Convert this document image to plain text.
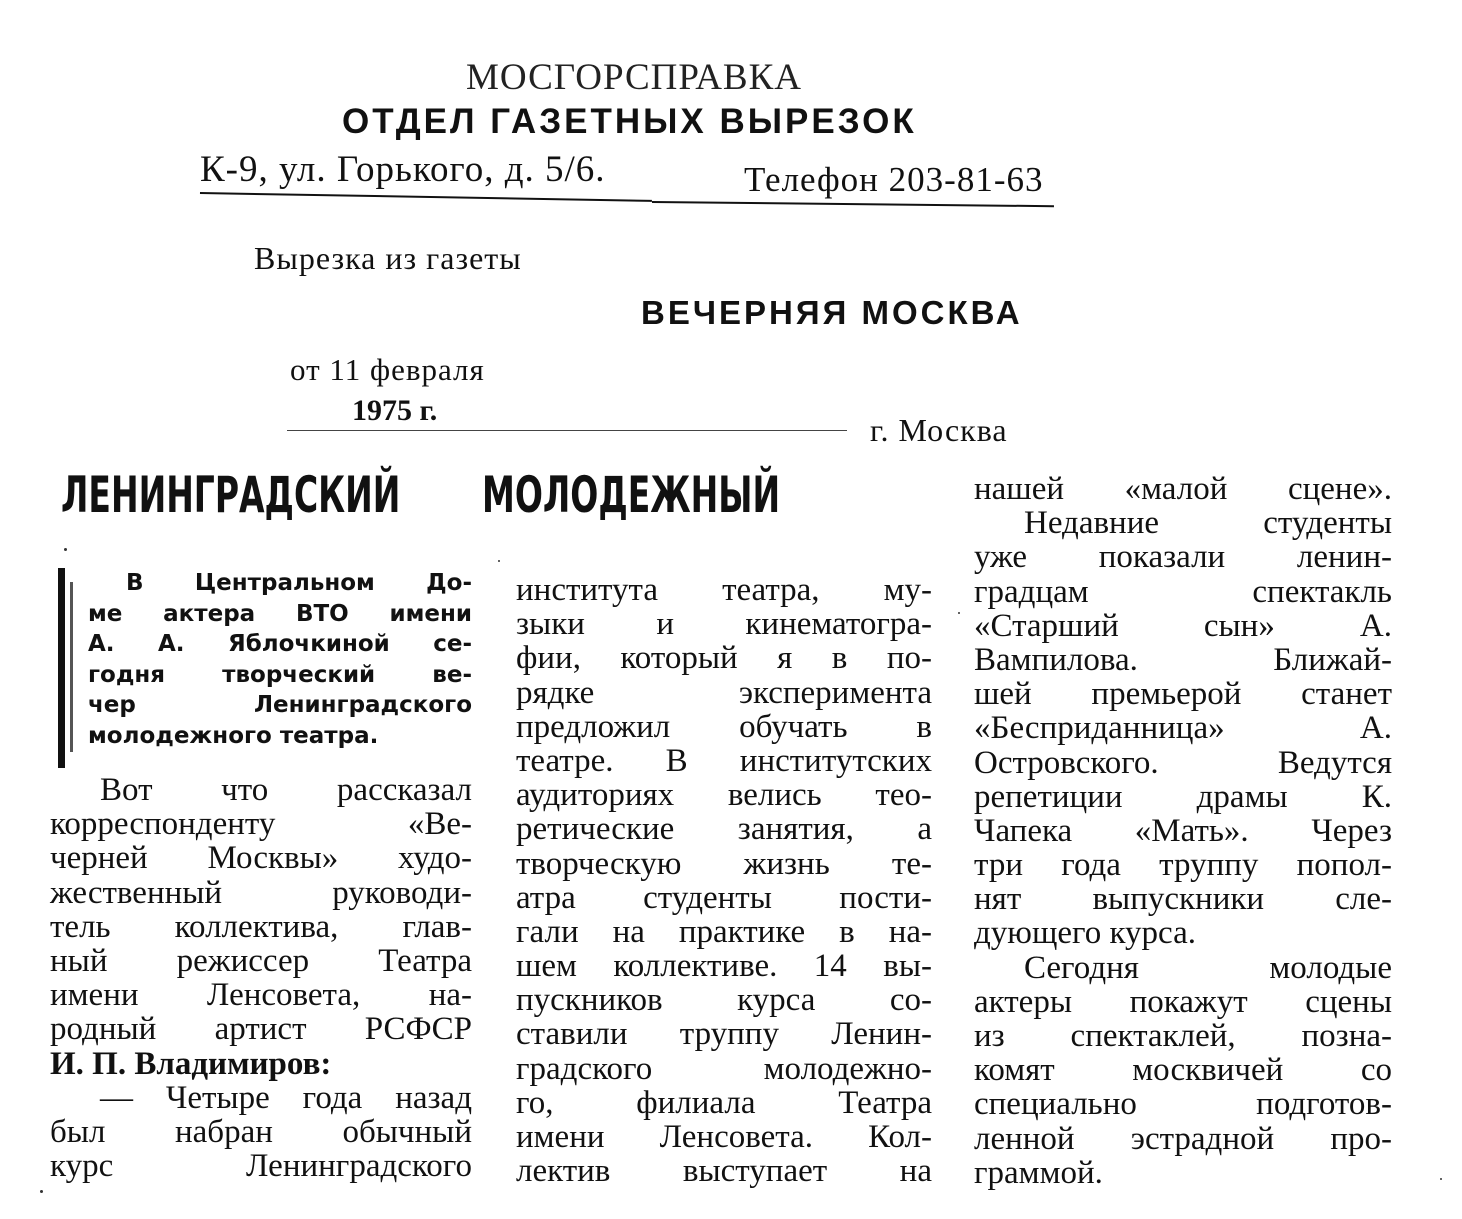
МОСГОРСПРАВКА
ОТДЕЛ ГАЗЕТНЫХ ВЫРЕЗОК
К-9, ул. Горького, д. 5/6.	Телефон 203-81-63
Вырезка из газеты
ВЕЧЕРНЯЯ МОСКВА
от 11 февраля
1975 г.
г. Москва
ЛЕНИНГРАДСКИЙ МОЛОДЕЖНЫЙ
В Центральном До-
ме актера ВТО имени
А. А. Яблочкиной се-
годня творческий ве-
чер Ленинградского
молодежного театра.
Вот что рассказал
корреспонденту «Ве-
черней Москвы» худо-
жественный руководи-
тель коллектива, глав-
ный режиссер Театра
имени Ленсовета, на-
родный артист РСФСР
И. П. Владимиров:
— Четыре года назад
был набран обычный
курс Ленинградского
института театра, му-
зыки и кинематогра-
фии, который я в по-
рядке эксперимента
предложил обучать в
театре. В институтских
аудиториях велись тео-
ретические занятия, а
творческую жизнь те-
атра студенты пости-
гали на практике в на-
шем коллективе. 14 вы-
пускников курса со-
ставили труппу Ленин-
градского молодежно-
го, филиала Театра
имени Ленсовета. Кол-
лектив выступает на
нашей «малой сцене».
Недавние студенты
уже показали ленин-
градцам спектакль
«Старший сын» А.
Вампилова. Ближай-
шей премьерой станет
«Бесприданница» А.
Островского. Ведутся
репетиции драмы К.
Чапека «Мать». Через
три года труппу попол-
нят выпускники сле-
дующего курса.
Сегодня молодые
актеры покажут сцены
из спектаклей, позна-
комят москвичей со
специально подготов-
ленной эстрадной про-
граммой.
